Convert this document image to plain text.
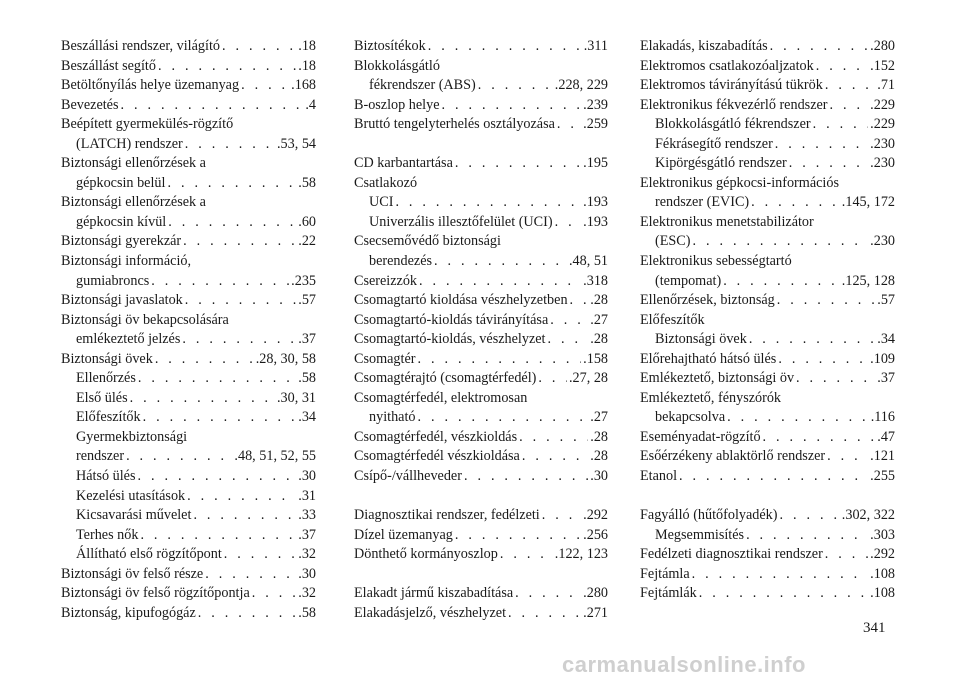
Beszállási rendszer, világító . . .	.18
Beszállást segítő . . .	.18
Betöltőnyílás helye üzemanyag . . .	.168
Bevezetés . . .	.4
Beépített gyermekülés-rögzítő
(LATCH) rendszer . . .	.53, 54
Biztonsági ellenőrzések a
gépkocsin belül . . .	.58
Biztonsági ellenőrzések a
gépkocsin kívül . . .	.60
Biztonsági gyerekzár . . .	.22
Biztonsági információ,
gumiabroncs . . .	.235
Biztonsági javaslatok . . .	.57
Biztonsági öv bekapcsolására
emlékeztető jelzés . . .	.37
Biztonsági övek . . .	.28, 30, 58
Ellenőrzés . . .	.58
Első ülés . . .	.30, 31
Előfeszítők . . .	.34
Gyermekbiztonsági
rendszer . . .	.48, 51, 52, 55
Hátsó ülés . . .	.30
Kezelési utasítások . . .	.31
Kicsavarási művelet . . .	.33
Terhes nők . . .	.37
Állítható első rögzítőpont . . .	.32
Biztonsági öv felső része . . .	.30
Biztonsági öv felső rögzítőpontja . . .	.32
Biztonság, kipufogógáz . . .	.58
Biztosítékok . . .	.311
Blokkolásgátló
fékrendszer (ABS) . . .	.228, 229
B-oszlop helye . . .	.239
Bruttó tengelyterhelés osztályozása . . . .259
CD karbantartása . . .	.195
Csatlakozó
UCI . . .	.193
Univerzális illesztőfelület (UCI) . . . .193
Csecsemővédő biztonsági
berendezés . . .	.48, 51
Csereizzók . . .	.318
Csomagtartó kioldása vészhelyzetben . . . .28
Csomagtartó-kioldás távirányítása . . .	.27
Csomagtartó-kioldás, vészhelyzet . . .	.28
Csomagtér . . .	.158
Csomagtérajtó (csomagtérfedél) . . . .27, 28
Csomagtérfedél, elektromosan
nyitható . . .	.27
Csomagtérfedél, vészkioldás . . .	.28
Csomagtérfedél vészkioldása . . .	.28
Csípő-/vállheveder . . .	.30
Diagnosztikai rendszer, fedélzeti . . .	.292
Dízel üzemanyag . . .	.256
Dönthető kormányoszlop . . .	.122, 123
Elakadt jármű kiszabadítása . . .	.280
Elakadásjelző, vészhelyzet . . .	.271
Elakadás, kiszabadítás . . .	.280
Elektromos csatlakozóaljzatok . . .	.152
Elektromos távirányítású tükrök . . .	.71
Elektronikus fékvezérlő rendszer . . .	.229
Blokkolásgátló fékrendszer . . .	.229
Fékrásegítő rendszer . . .	.230
Kipörgésgátló rendszer . . .	.230
Elektronikus gépkocsi-információs
rendszer (EVIC) . . .	.145, 172
Elektronikus menetstabilizátor
(ESC) . . .	.230
Elektronikus sebességtartó
(tempomat) . . .	.125, 128
Ellenőrzések, biztonság . . .	.57
Előfeszítők
Biztonsági övek . . .	.34
Előrehajtható hátsó ülés . . .	.109
Emlékeztető, biztonsági öv . . .	.37
Emlékeztető, fényszórók
bekapcsolva . . .	.116
Eseményadat-rögzítő . . .	.47
Esőérzékeny ablaktörlő rendszer . . .	.121
Etanol . . .	.255
Fagyálló (hűtőfolyadék) . . .	.302, 322
Megsemmisítés . . .	.303
Fedélzeti diagnosztikai rendszer . . .	.292
Fejtámla . . .	.108
Fejtámlák . . .	.108
341
carmanualsonline.info
